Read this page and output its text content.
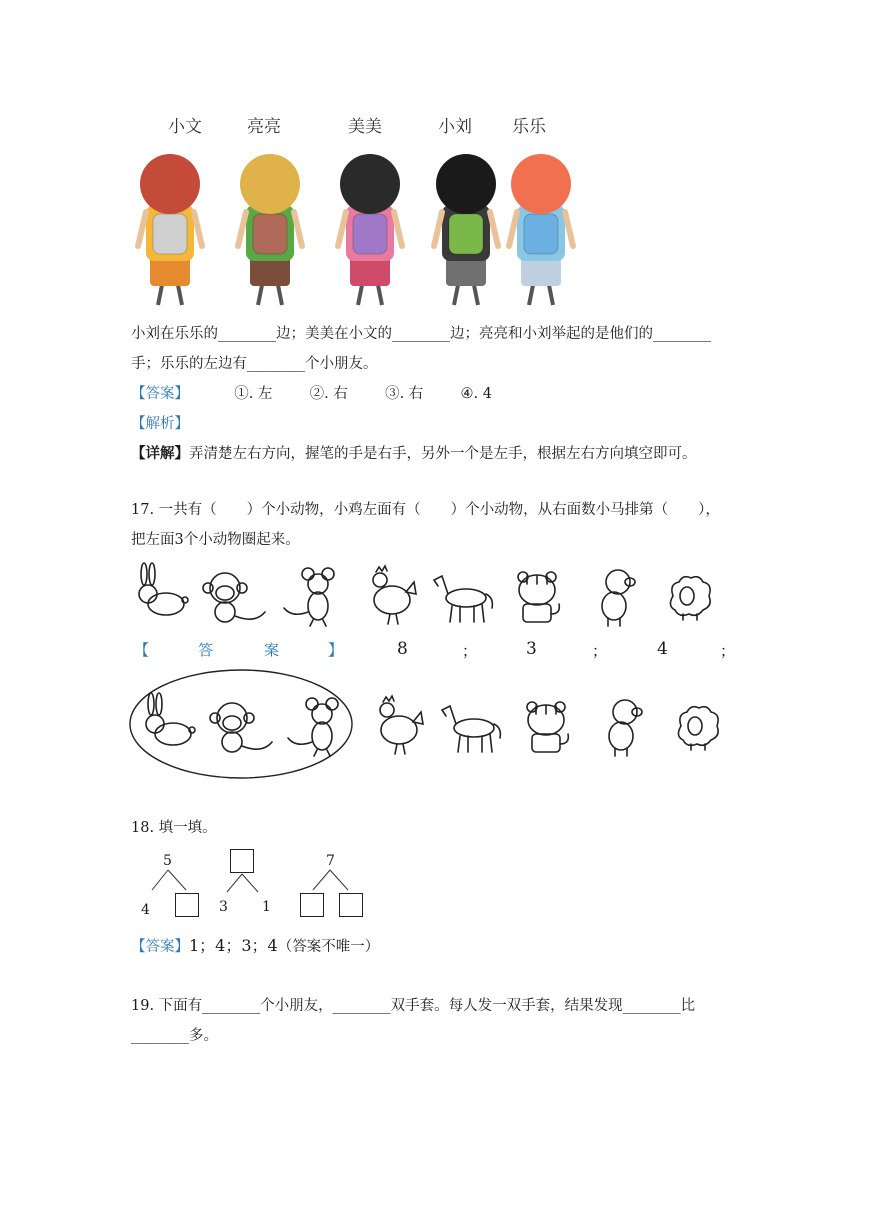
小文	亮亮	美美	小刘 乐乐
小刘在乐乐的________边；美美在小文的________边；亮亮和小刘举起的是他们的________
手；乐乐的左边有________个小朋友。
【答案】	①. 左	②. 右	③. 右	④. 4
【解析】
【详解】弄清楚左右方向，握笔的手是右手，另外一个是左手，根据左右方向填空即可。
17. 一共有（ ）个小动物，小鸡左面有（ ）个小动物，从右面数小马排第（ ），
把左面3个小动物圈起来。
【	答	案	】	8	；	3	；	4	；
18. 填一填。
5
4	3 1
7
【答案】1；4；3；4（答案不唯一）
19. 下面有________个小朋友，________双手套。每人发一双手套，结果发现________比
________多。
